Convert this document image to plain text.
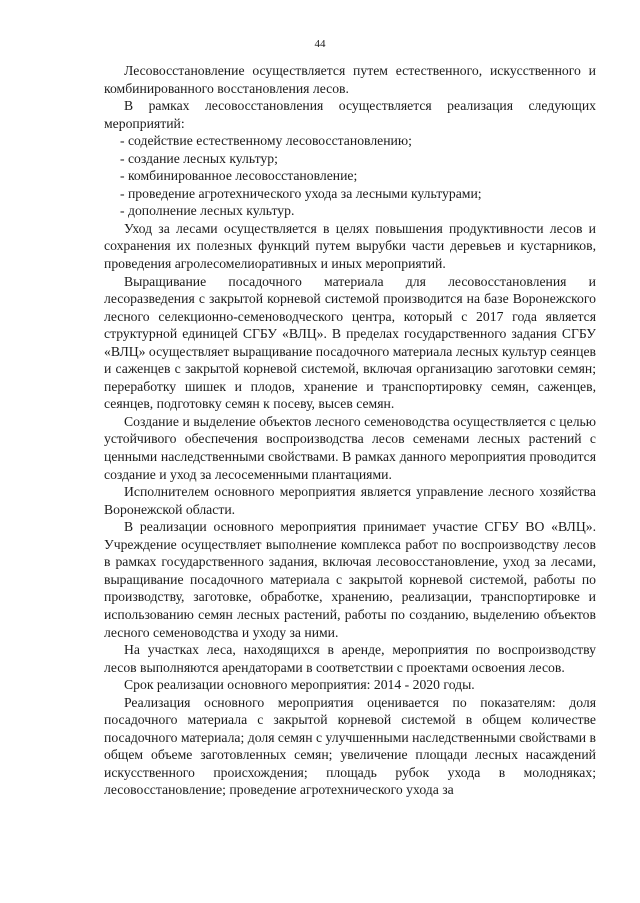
44

Лесовосстановление осуществляется путем естественного, искусственного и комбинированного восстановления лесов.

В рамках лесовосстановления осуществляется реализация следующих мероприятий:

- содействие естественному лесовосстановлению;

- создание лесных культур;

- комбинированное лесовосстановление;

- проведение агротехнического ухода за лесными культурами;

- дополнение лесных культур.

Уход за лесами осуществляется в целях повышения продуктивности лесов и сохранения их полезных функций путем вырубки части деревьев и кустарников, проведения агролесомелиоративных и иных мероприятий.

Выращивание посадочного материала для лесовосстановления и лесоразведения с закрытой корневой системой производится на базе Воронежского лесного селекционно-семеноводческого центра, который с 2017 года является структурной единицей СГБУ «ВЛЦ». В пределах государственного задания СГБУ «ВЛЦ» осуществляет выращивание посадочного материала лесных культур сеянцев и саженцев с закрытой корневой системой, включая организацию заготовки семян; переработку шишек и плодов, хранение и транспортировку семян, саженцев, сеянцев, подготовку семян к посеву, высев семян.

Создание и выделение объектов лесного семеноводства осуществляется с целью устойчивого обеспечения воспроизводства лесов семенами лесных растений с ценными наследственными свойствами. В рамках данного мероприятия проводится создание и уход за лесосеменными плантациями.

Исполнителем основного мероприятия является управление лесного хозяйства Воронежской области.

В реализации основного мероприятия принимает участие СГБУ ВО «ВЛЦ». Учреждение осуществляет выполнение комплекса работ по воспроизводству лесов в рамках государственного задания, включая лесовосстановление, уход за лесами, выращивание посадочного материала с закрытой корневой системой, работы по производству, заготовке, обработке, хранению, реализации, транспортировке и использованию семян лесных растений, работы по созданию, выделению объектов лесного семеноводства и уходу за ними.

На участках леса, находящихся в аренде, мероприятия по воспроизводству лесов выполняются арендаторами в соответствии с проектами освоения лесов.

Срок реализации основного мероприятия: 2014 - 2020 годы.

Реализация основного мероприятия оценивается по показателям: доля посадочного материала с закрытой корневой системой в общем количестве посадочного материала; доля семян с улучшенными наследственными свойствами в общем объеме заготовленных семян; увеличение площади лесных насаждений искусственного происхождения; площадь рубок ухода в молодняках; лесовосстановление; проведение агротехнического ухода за
